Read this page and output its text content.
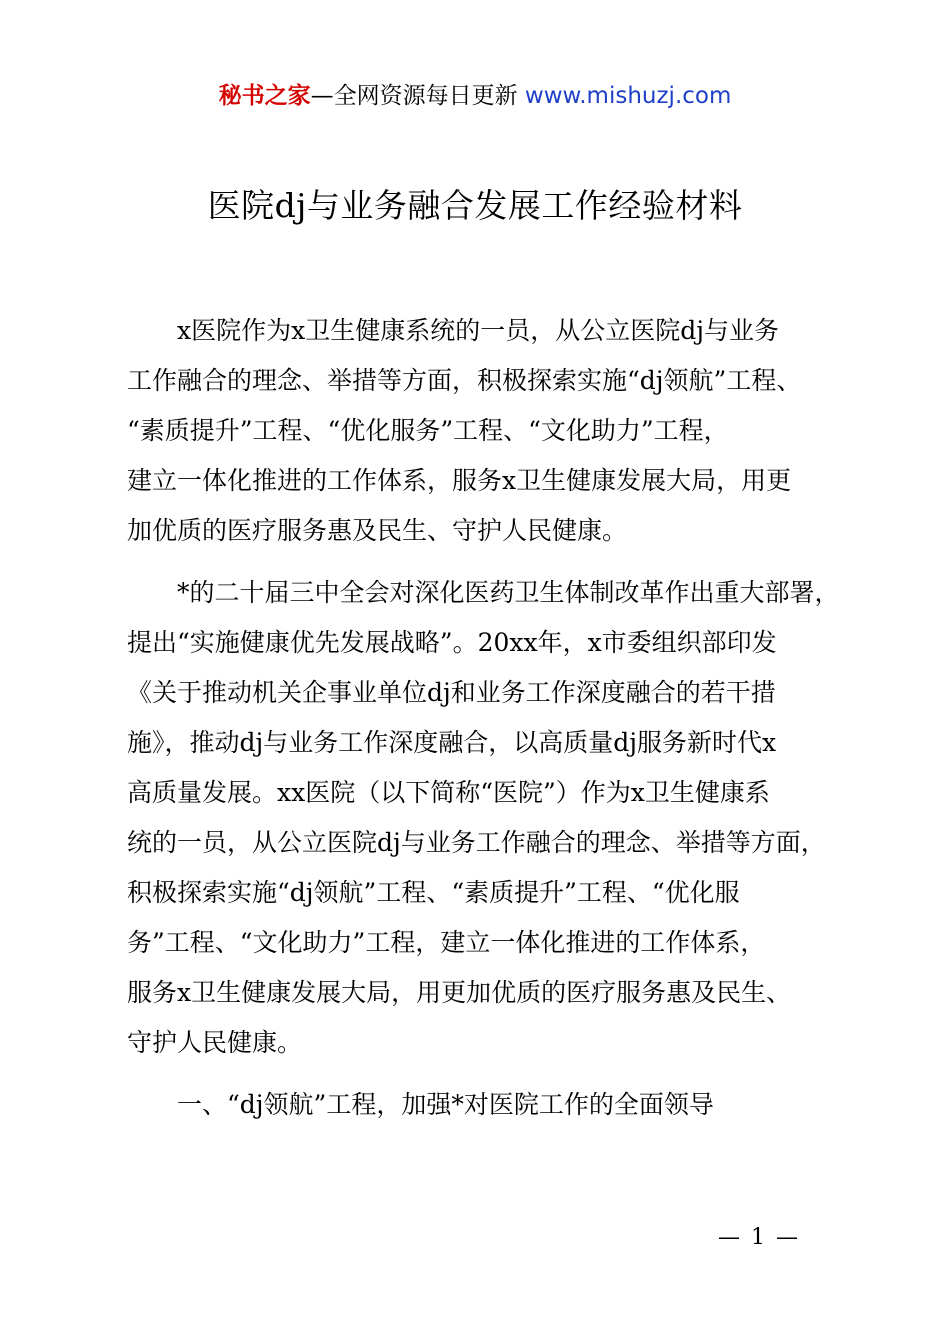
秘书之家—全网资源每日更新 www.mishuzj.com
医院dj与业务融合发展工作经验材料
　　x医院作为x卫生健康系统的一员，从公立医院dj与业务
工作融合的理念、举措等方面，积极探索实施“dj领航”工程、
“素质提升”工程、“优化服务”工程、“文化助力”工程，
建立一体化推进的工作体系，服务x卫生健康发展大局，用更
加优质的医疗服务惠及民生、守护人民健康。
　　*的二十届三中全会对深化医药卫生体制改革作出重大部署，
提出“实施健康优先发展战略”。20xx年，x市委组织部印发
《关于推动机关企事业单位dj和业务工作深度融合的若干措
施》，推动dj与业务工作深度融合，以高质量dj服务新时代x
高质量发展。xx医院（以下简称“医院”）作为x卫生健康系
统的一员，从公立医院dj与业务工作融合的理念、举措等方面，
积极探索实施“dj领航”工程、“素质提升”工程、“优化服
务”工程、“文化助力”工程，建立一体化推进的工作体系，
服务x卫生健康发展大局，用更加优质的医疗服务惠及民生、
守护人民健康。
一、“dj领航”工程，加强*对医院工作的全面领导
— 1 —
